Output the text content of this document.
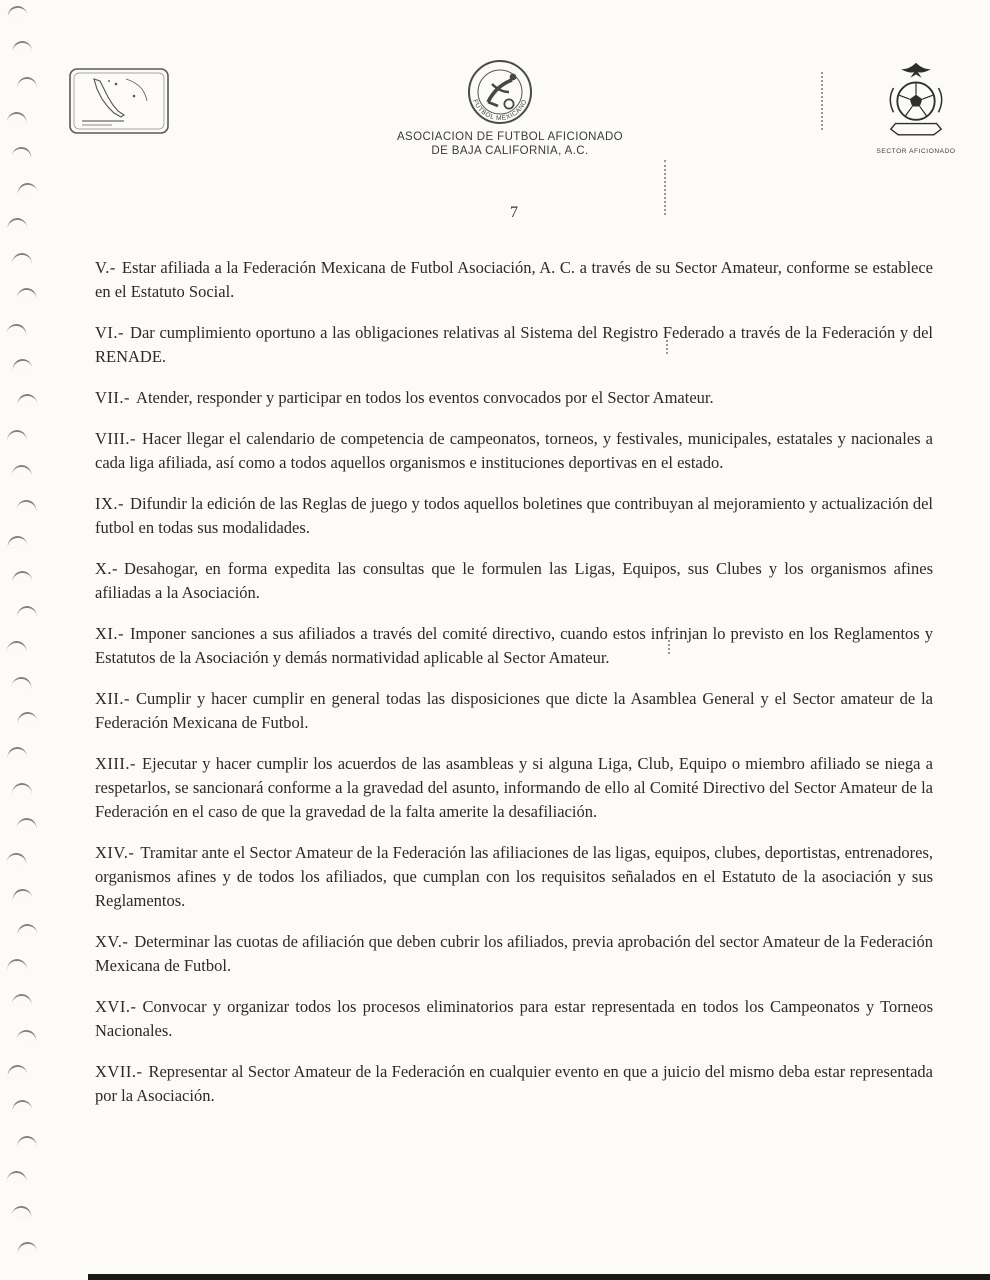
FUTBOL MEXICANO
ASOCIACION DE FUTBOL AFICIONADO
DE BAJA CALIFORNIA, A.C.	SECTOR AFICIONADO
7

V.- Estar afiliada a la Federación Mexicana de Futbol Asociación, A. C. a través de su Sector Amateur, conforme se establece en el Estatuto Social.

VI.- Dar cumplimiento oportuno a las obligaciones relativas al Sistema del Registro Federado a través de la Federación y del RENADE.

VII.- Atender, responder y participar en todos los eventos convocados por el Sector Amateur.

VIII.- Hacer llegar el calendario de competencia de campeonatos, torneos, y festivales, municipales, estatales y nacionales a cada liga afiliada, así como a todos aquellos organismos e instituciones deportivas en el estado.

IX.- Difundir la edición de las Reglas de juego y todos aquellos boletines que contribuyan al mejoramiento y actualización del futbol en todas sus modalidades.

X.- Desahogar, en forma expedita las consultas que le formulen las Ligas, Equipos, sus Clubes y los organismos afines afiliadas a la Asociación.

XI.- Imponer sanciones a sus afiliados a través del comité directivo, cuando estos infrinjan lo previsto en los Reglamentos y Estatutos de la Asociación y demás normatividad aplicable al Sector Amateur.

XII.- Cumplir y hacer cumplir en general todas las disposiciones que dicte la Asamblea General y el Sector amateur de la Federación Mexicana de Futbol.

XIII.- Ejecutar y hacer cumplir los acuerdos de las asambleas y si alguna Liga, Club, Equipo o miembro afiliado se niega a respetarlos, se sancionará conforme a la gravedad del asunto, informando de ello al Comité Directivo del Sector Amateur de la Federación en el caso de que la gravedad de la falta amerite la desafiliación.

XIV.- Tramitar ante el Sector Amateur de la Federación las afiliaciones de las ligas, equipos, clubes, deportistas, entrenadores, organismos afines y de todos los afiliados, que cumplan con los requisitos señalados en el Estatuto de la asociación y sus Reglamentos.

XV.- Determinar las cuotas de afiliación que deben cubrir los afiliados, previa aprobación del sector Amateur de la Federación Mexicana de Futbol.

XVI.- Convocar y organizar todos los procesos eliminatorios para estar representada en todos los Campeonatos y Torneos Nacionales.

XVII.- Representar al Sector Amateur de la Federación en cualquier evento en que a juicio del mismo deba estar representada por la Asociación.
